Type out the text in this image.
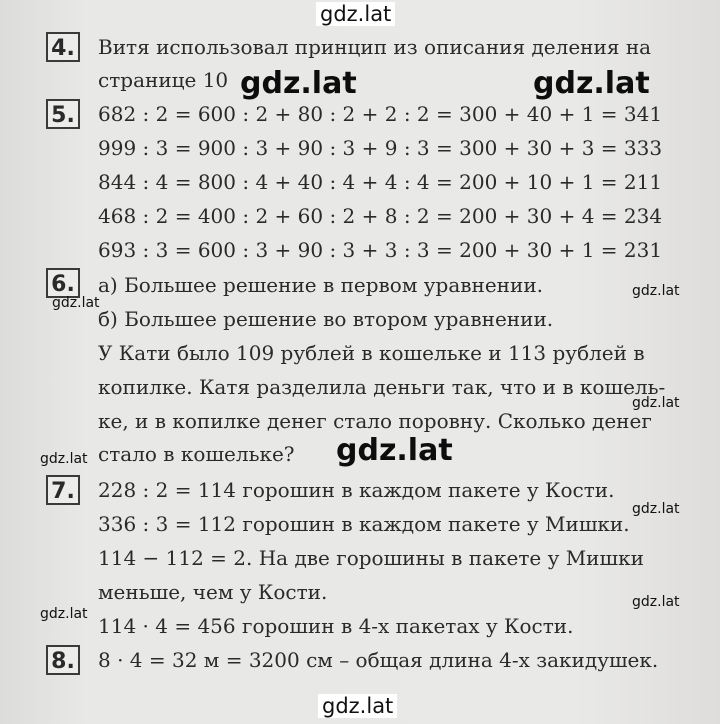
4. Витя использовал принцип из описания деления на
странице 10
5. 682 : 2 = 600 : 2 + 80 : 2 + 2 : 2 = 300 + 40 + 1 = 341
999 : 3 = 900 : 3 + 90 : 3 + 9 : 3 = 300 + 30 + 3 = 333
844 : 4 = 800 : 4 + 40 : 4 + 4 : 4 = 200 + 10 + 1 = 211
468 : 2 = 400 : 2 + 60 : 2 + 8 : 2 = 200 + 30 + 4 = 234
693 : 3 = 600 : 3 + 90 : 3 + 3 : 3 = 200 + 30 + 1 = 231
6. а) Большее решение в первом уравнении.
б) Большее решение во втором уравнении.
У Кати было 109 рублей в кошельке и 113 рублей в
копилке. Катя разделила деньги так, что и в кошель-
ке, и в копилке денег стало поровну. Сколько денег
стало в кошельке?
7. 228 : 2 = 114 горошин в каждом пакете у Кости.
336 : 3 = 112 горошин в каждом пакете у Мишки.
114 − 112 = 2. На две горошины в пакете у Мишки
меньше, чем у Кости.
114 · 4 = 456 горошин в 4-х пакетах у Кости.
8. 8 · 4 = 32 м = 3200 см – общая длина 4-х закидушек.
gdz.lat
gdz.lat
gdz.lat	gdz.lat
gdz.lat
gdz.lat
gdz.lat
gdz.lat
gdz.lat
gdz.lat
gdz.lat
gdz.lat
